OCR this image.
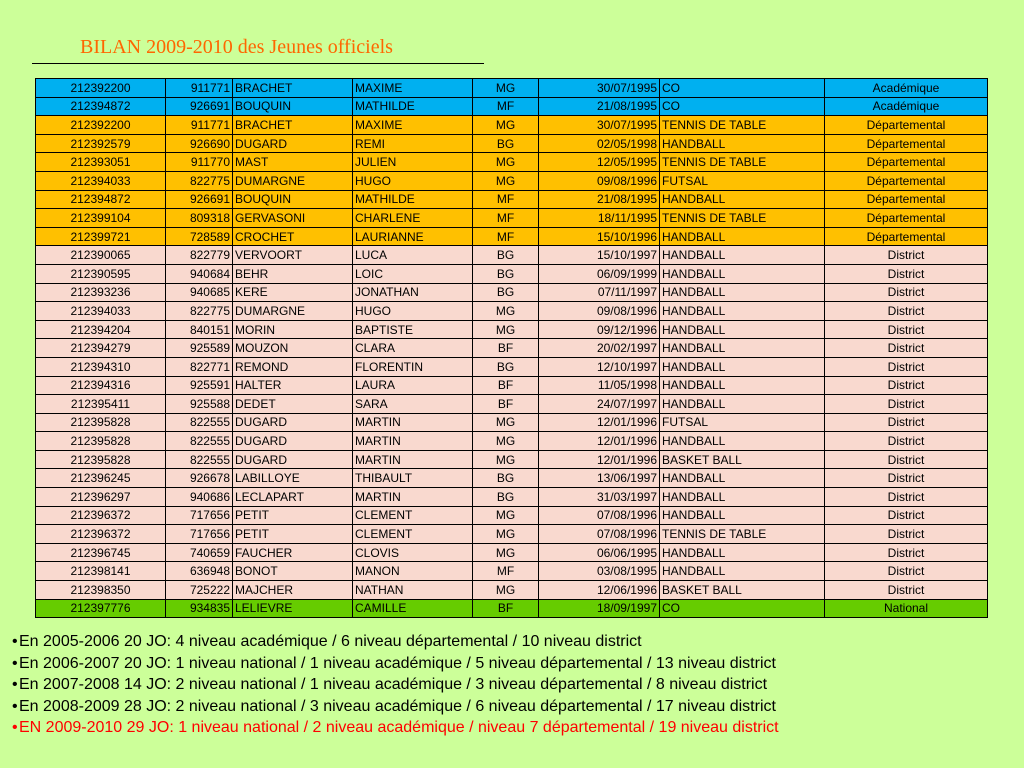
BILAN 2009-2010 des Jeunes officiels
212392200	911771	BRACHET	MAXIME	MG	30/07/1995	CO	Académique
212394872	926691	BOUQUIN	MATHILDE	MF	21/08/1995	CO	Académique
212392200	911771	BRACHET	MAXIME	MG	30/07/1995	TENNIS DE TABLE	Départemental
212392579	926690	DUGARD	REMI	BG	02/05/1998	HANDBALL	Départemental
212393051	911770	MAST	JULIEN	MG	12/05/1995	TENNIS DE TABLE	Départemental
212394033	822775	DUMARGNE	HUGO	MG	09/08/1996	FUTSAL	Départemental
212394872	926691	BOUQUIN	MATHILDE	MF	21/08/1995	HANDBALL	Départemental
212399104	809318	GERVASONI	CHARLENE	MF	18/11/1995	TENNIS DE TABLE	Départemental
212399721	728589	CROCHET	LAURIANNE	MF	15/10/1996	HANDBALL	Départemental
212390065	822779	VERVOORT	LUCA	BG	15/10/1997	HANDBALL	District
212390595	940684	BEHR	LOIC	BG	06/09/1999	HANDBALL	District
212393236	940685	KERE	JONATHAN	BG	07/11/1997	HANDBALL	District
212394033	822775	DUMARGNE	HUGO	MG	09/08/1996	HANDBALL	District
212394204	840151	MORIN	BAPTISTE	MG	09/12/1996	HANDBALL	District
212394279	925589	MOUZON	CLARA	BF	20/02/1997	HANDBALL	District
212394310	822771	REMOND	FLORENTIN	BG	12/10/1997	HANDBALL	District
212394316	925591	HALTER	LAURA	BF	11/05/1998	HANDBALL	District
212395411	925588	DEDET	SARA	BF	24/07/1997	HANDBALL	District
212395828	822555	DUGARD	MARTIN	MG	12/01/1996	FUTSAL	District
212395828	822555	DUGARD	MARTIN	MG	12/01/1996	HANDBALL	District
212395828	822555	DUGARD	MARTIN	MG	12/01/1996	BASKET BALL	District
212396245	926678	LABILLOYE	THIBAULT	BG	13/06/1997	HANDBALL	District
212396297	940686	LECLAPART	MARTIN	BG	31/03/1997	HANDBALL	District
212396372	717656	PETIT	CLEMENT	MG	07/08/1996	HANDBALL	District
212396372	717656	PETIT	CLEMENT	MG	07/08/1996	TENNIS DE TABLE	District
212396745	740659	FAUCHER	CLOVIS	MG	06/06/1995	HANDBALL	District
212398141	636948	BONOT	MANON	MF	03/08/1995	HANDBALL	District
212398350	725222	MAJCHER	NATHAN	MG	12/06/1996	BASKET BALL	District
212397776	934835	LELIEVRE	CAMILLE	BF	18/09/1997	CO	National
•En 2005-2006 20 JO: 4 niveau académique / 6 niveau départemental / 10 niveau district
•En 2006-2007 20 JO: 1 niveau national / 1 niveau académique / 5 niveau départemental / 13 niveau district
•En 2007-2008 14 JO: 2 niveau national / 1 niveau académique / 3 niveau départemental / 8 niveau district
•En 2008-2009 28 JO: 2 niveau national / 3 niveau académique / 6 niveau départemental / 17 niveau district
•EN 2009-2010 29 JO: 1 niveau national / 2 niveau académique / niveau 7 départemental / 19 niveau district
